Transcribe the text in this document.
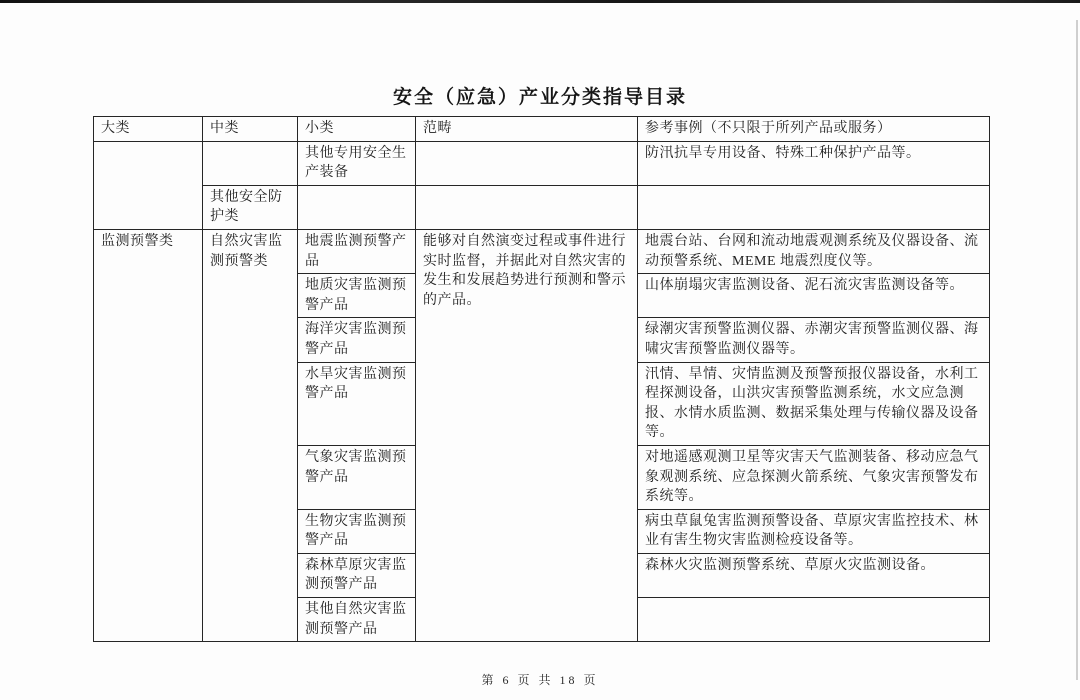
安全（应急）产业分类指导目录
大类	中类	小类	范畴	参考事例（不只限于所列产品或服务）
		其他专用安全生产装备		防汛抗旱专用设备、特殊工种保护产品等。
	其他安全防护类			
监测预警类	自然灾害监测预警类	地震监测预警产品	能够对自然演变过程或事件进行实时监督，并据此对自然灾害的发生和发展趋势进行预测和警示的产品。	地震台站、台网和流动地震观测系统及仪器设备、流动预警系统、MEME 地震烈度仪等。
		地质灾害监测预警产品		山体崩塌灾害监测设备、泥石流灾害监测设备等。
		海洋灾害监测预警产品		绿潮灾害预警监测仪器、赤潮灾害预警监测仪器、海啸灾害预警监测仪器等。
		水旱灾害监测预警产品		汛情、旱情、灾情监测及预警预报仪器设备，水利工程探测设备，山洪灾害预警监测系统，水文应急测报、水情水质监测、数据采集处理与传输仪器及设备等。
		气象灾害监测预警产品		对地遥感观测卫星等灾害天气监测装备、移动应急气象观测系统、应急探测火箭系统、气象灾害预警发布系统等。
		生物灾害监测预警产品		病虫草鼠兔害监测预警设备、草原灾害监控技术、林业有害生物灾害监测检疫设备等。
		森林草原灾害监测预警产品		森林火灾监测预警系统、草原火灾监测设备。
		其他自然灾害监测预警产品		
第 6 页 共 18 页
